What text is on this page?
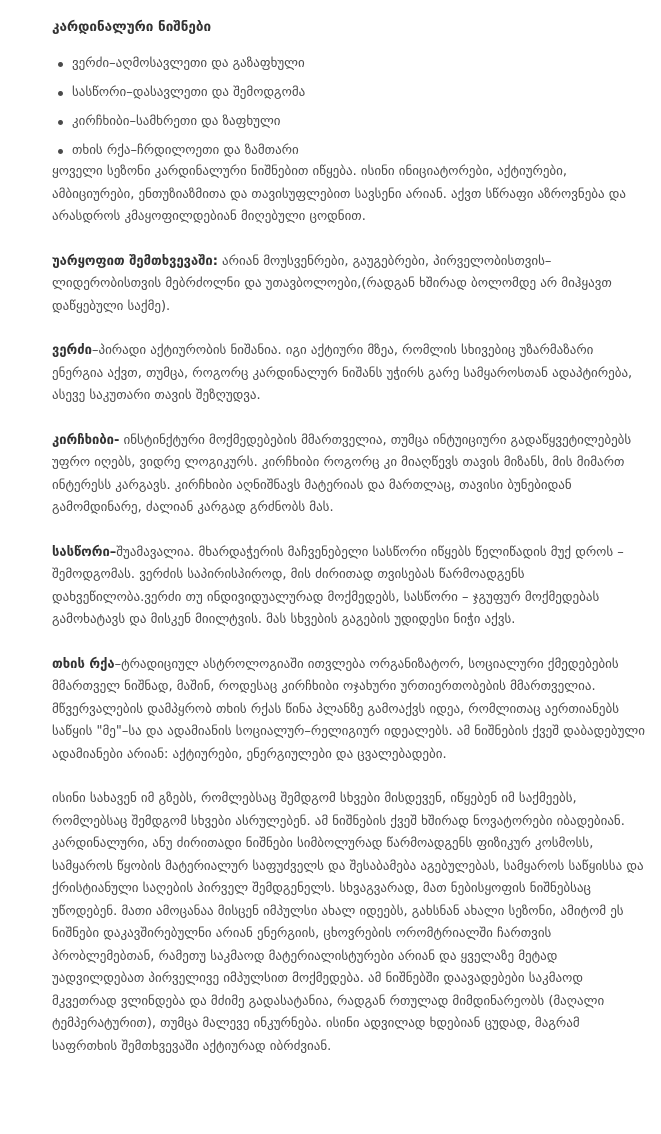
კარდინალური ნიშნები
ვერძი–აღმოსავლეთი და გაზაფხული
სასწორი–დასავლეთი და შემოდგომა
კირჩხიბი–სამხრეთი და ზაფხული
თხის რქა–ჩრდილოეთი და ზამთარი

ყოველი სეზონი კარდინალური ნიშნებით იწყება. ისინი ინიციატორები, აქტიურები, ამბიციურები, ენთუზიაზმითა და თავისუფლებით სავსენი არიან. აქვთ სწრაფი აზროვნება და არასდროს კმაყოფილდებიან მიღებული ცოდნით.

უარყოფით შემთხვევაში: არიან მოუსვენრები, გაუგებრები, პირველობისთვის–ლიდერობისთვის მებრძოლნი და უთავბოლოები,(რადგან ხშირად ბოლომდე არ მიჰყავთ დაწყებული საქმე).

ვერძი–პირადი აქტიურობის ნიშანია. იგი აქტიური მზეა, რომლის სხივებიც უზარმაზარი ენერგია აქვთ, თუმცა, როგორც კარდინალურ ნიშანს უჭირს გარე სამყაროსთან ადაპტირება, ასევე საკუთარი თავის შეზღუდვა.

კირჩხიბი- ინსტინქტური მოქმედებების მმართველია, თუმცა ინტუიციური გადაწყვეტილებებს უფრო იღებს, ვიდრე ლოგიკურს. კირჩხიბი როგორც კი მიაღწევს თავის მიზანს, მის მიმართ ინტერესს კარგავს. კირჩხიბი აღნიშნავს მატერიას და მართლაც, თავისი ბუნებიდან გამომდინარე, ძალიან კარგად გრძნობს მას.

სასწორი–შუამავალია. მხარდაჭერის მაჩვენებელი სასწორი იწყებს წელიწადის მუქ დროს – შემოდგომას. ვერძის საპირისპიროდ, მის ძირითად თვისებას წარმოადგენს დახვეწილობა.ვერძი თუ ინდივიდუალურად მოქმედებს, სასწორი – ჯგუფურ მოქმედებას გამოხატავს და მისკენ მიილტვის. მას სხვების გაგების უდიდესი ნიჭი აქვს.

თხის რქა–ტრადიციულ ასტროლოგიაში ითვლება ორგანიზატორ, სოციალური ქმედებების მმართველ ნიშნად, მაშინ, როდესაც კირჩხიბი ოჯახური ურთიერთობების მმართველია. მწვერვალების დამპყრობ თხის რქას წინა პლანზე გამოაქვს იდეა, რომლითაც აერთიანებს საწყის "მე"–სა და ადამიანის სოციალურ–რელიგიურ იდეალებს. ამ ნიშნების ქვეშ დაბადებული ადამიანები არიან: აქტიურები, ენერგიულები და ცვალებადები.

ისინი სახავენ იმ გზებს, რომლებსაც შემდგომ სხვები მისდევენ, იწყებენ იმ საქმეებს, რომლებსაც შემდგომ სხვები ასრულებენ. ამ ნიშნების ქვეშ ხშირად ნოვატორები იბადებიან. კარდინალური, ანუ ძირითადი ნიშნები სიმბოლურად წარმოადგენს ფიზიკურ კოსმოსს, სამყაროს წყობის მატერიალურ საფუძველს და შესაბამება აგებულებას, სამყაროს საწყისსა და ქრისტიანული საღების პირველ შემდგენელს. სხვაგვარად, მათ ნებისყოფის ნიშნებსაც უწოდებენ. მათი ამოცანაა მისცენ იმპულსი ახალ იდეებს, გახსნან ახალი სეზონი, ამიტომ ეს ნიშნები დაკავშირებულნი არიან ენერგიის, ცხოვრების ორომტრიალში ჩართვის პრობლემებთან, რამეთუ საკმაოდ მატერიალისტურები არიან და ყველაზე მეტად უადვილდებათ პირველივე იმპულსით მოქმედება. ამ ნიშნებში დაავადებები საკმაოდ მკვეთრად ვლინდება და მძიმე გადასატანია, რადგან რთულად მიმდინარეობს (მაღალი ტემპერატურით), თუმცა მალევე ინკურნება. ისინი ადვილად ხდებიან ცუდად, მაგრამ საფრთხის შემთხვევაში აქტიურად იბრძვიან.
